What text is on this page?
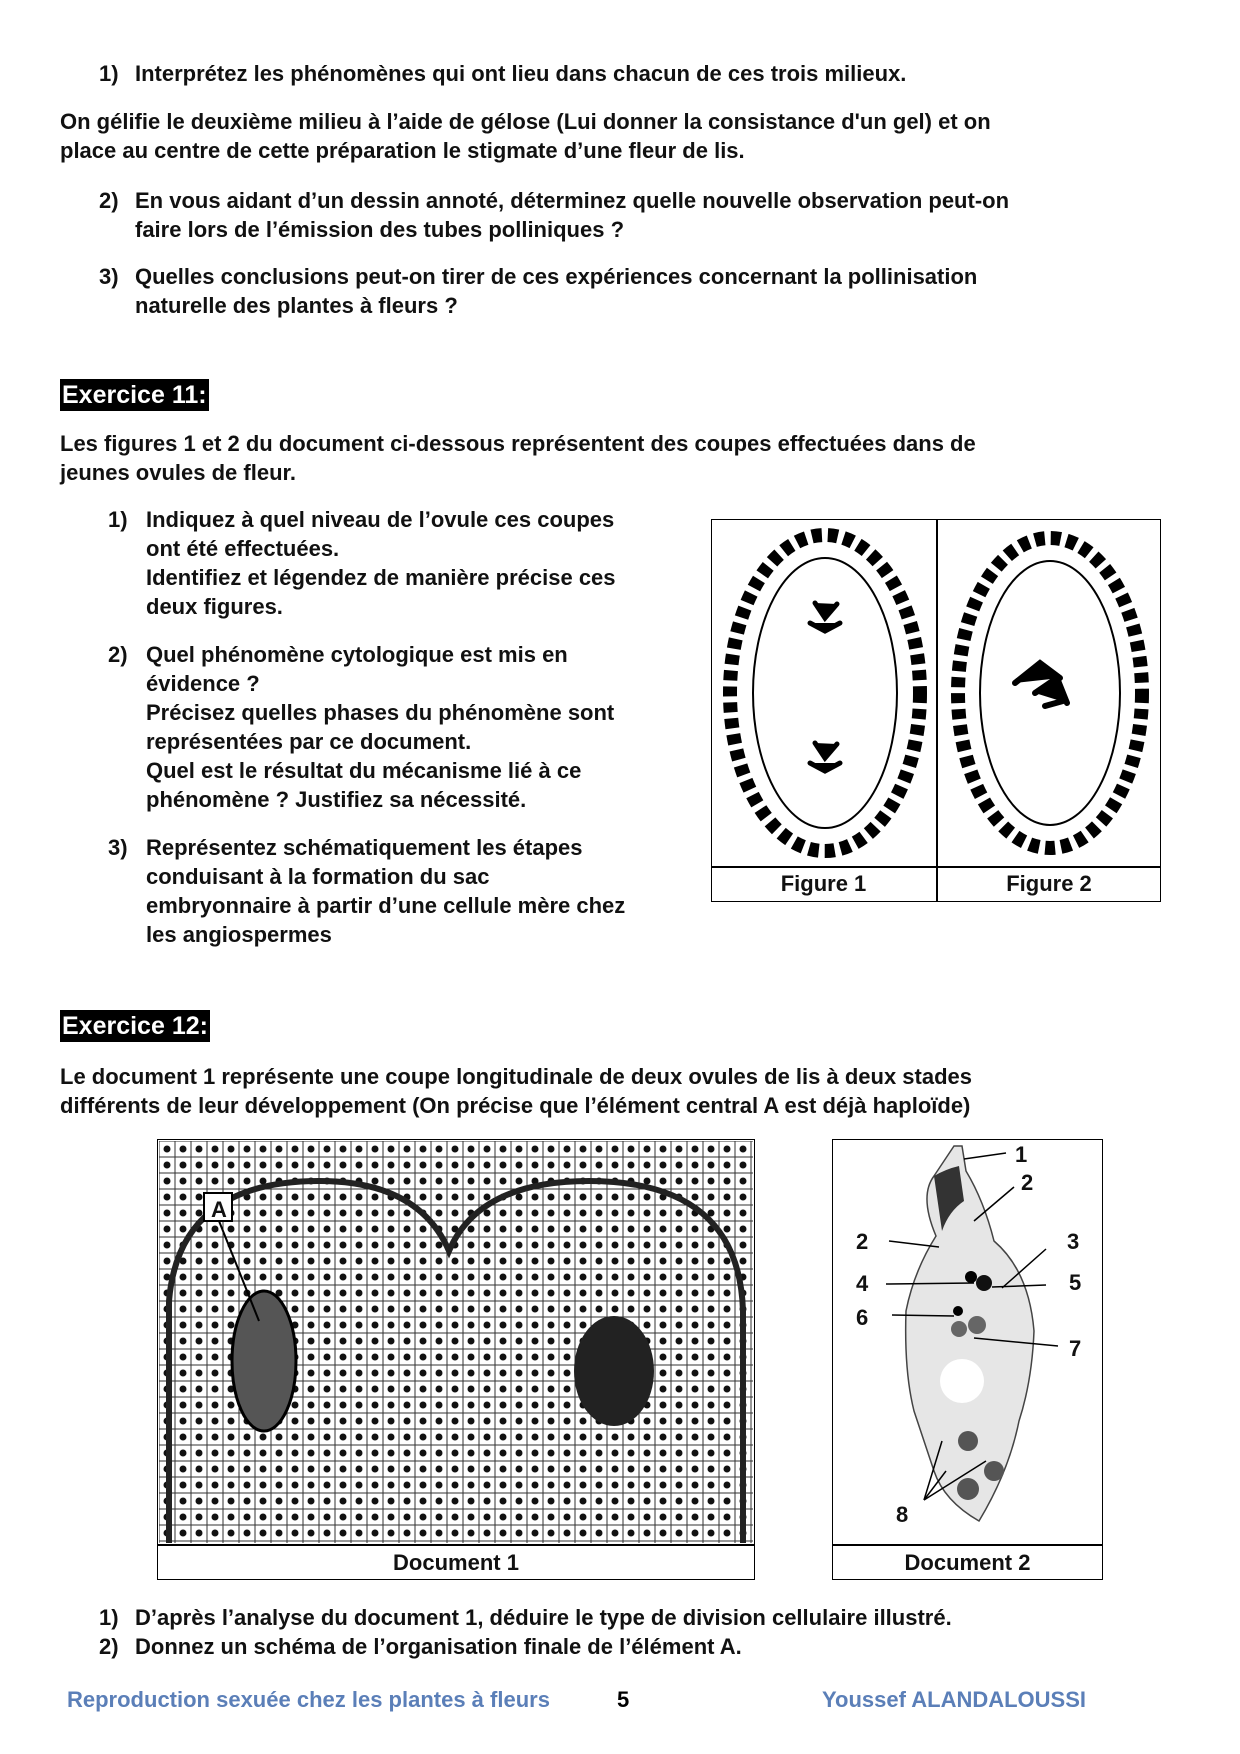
1) Interprétez les phénomènes qui ont lieu dans chacun de ces trois milieux.
On gélifie le deuxième milieu à l’aide de gélose (Lui donner la consistance d'un gel) et on
place au centre de cette préparation le stigmate d’une fleur de lis.
2) En vous aidant d’un dessin annoté, déterminez quelle nouvelle observation peut-on
faire lors de l’émission des tubes polliniques ?
3) Quelles conclusions peut-on tirer de ces expériences concernant la pollinisation
naturelle des plantes à fleurs ?
Exercice 11:
Les figures 1 et 2 du document ci-dessous représentent des coupes effectuées dans de
jeunes ovules de fleur.
1) Indiquez à quel niveau de l’ovule ces coupes
ont été effectuées.
Identifiez et légendez de manière précise ces
deux figures.
2) Quel phénomène cytologique est mis en
évidence ?
Précisez quelles phases du phénomène sont
représentées par ce document.
Quel est le résultat du mécanisme lié à ce
phénomène ? Justifiez sa nécessité.
3) Représentez schématiquement les étapes
conduisant à la formation du sac
embryonnaire à partir d’une cellule mère chez
les angiospermes
Figure 1	Figure 2
Exercice 12:
Le document 1 représente une coupe longitudinale de deux ovules de lis à deux stades
différents de leur développement (On précise que l’élément central A est déjà haploïde)
A
Document 1
1
2
2	3
4	5
6
7
8
Document 2
1) D’après l’analyse du document 1, déduire le type de division cellulaire illustré.
2) Donnez un schéma de l’organisation finale de l’élément A.
Reproduction sexuée chez les plantes à fleurs	5	Youssef ALANDALOUSSI
